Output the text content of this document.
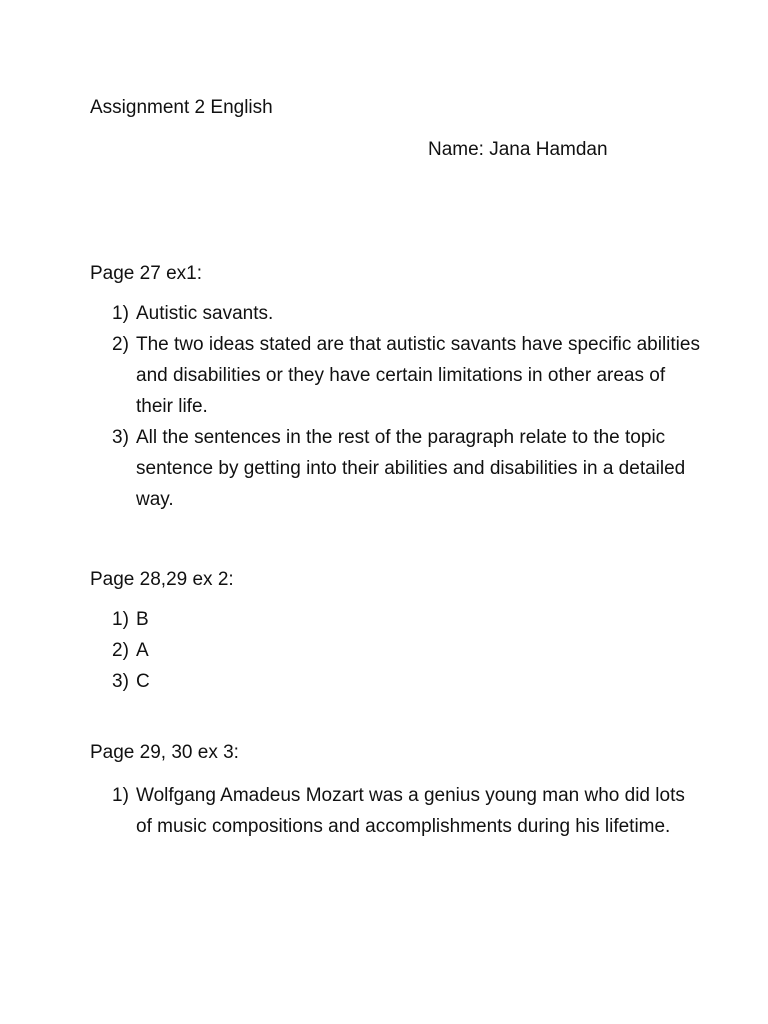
Assignment 2 English
Name: Jana Hamdan
Page 27 ex1:
1) Autistic savants.
2) The two ideas stated are that autistic savants have specific abilities and disabilities or they have certain limitations in other areas of their life.
3) All the sentences in the rest of the paragraph relate to the topic sentence by getting into their abilities and disabilities in a detailed way.
Page 28,29 ex 2:
1) B
2) A
3) C
Page 29, 30 ex 3:
1) Wolfgang Amadeus Mozart was a genius young man who did lots of music compositions and accomplishments during his lifetime.
